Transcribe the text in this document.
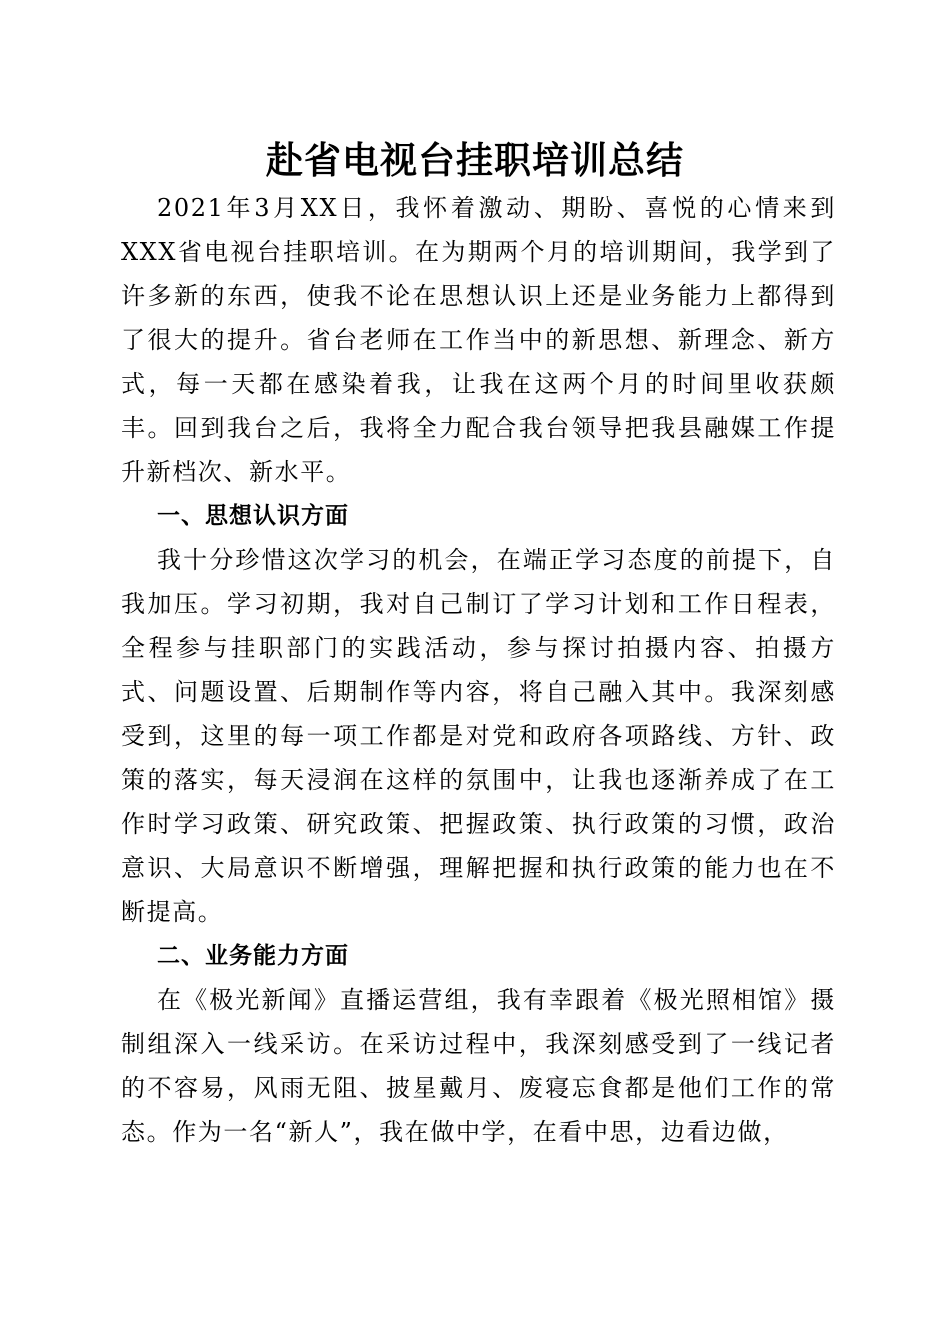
赴省电视台挂职培训总结

2021年3月XX日，我怀着激动、期盼、喜悦的心情来到XXX省电视台挂职培训。在为期两个月的培训期间，我学到了许多新的东西，使我不论在思想认识上还是业务能力上都得到了很大的提升。省台老师在工作当中的新思想、新理念、新方式，每一天都在感染着我，让我在这两个月的时间里收获颇丰。回到我台之后，我将全力配合我台领导把我县融媒工作提升新档次、新水平。

一、思想认识方面

我十分珍惜这次学习的机会，在端正学习态度的前提下，自我加压。学习初期，我对自己制订了学习计划和工作日程表，全程参与挂职部门的实践活动，参与探讨拍摄内容、拍摄方式、问题设置、后期制作等内容，将自己融入其中。我深刻感受到，这里的每一项工作都是对党和政府各项路线、方针、政策的落实，每天浸润在这样的氛围中，让我也逐渐养成了在工作时学习政策、研究政策、把握政策、执行政策的习惯，政治意识、大局意识不断增强，理解把握和执行政策的能力也在不断提高。

二、业务能力方面

在《极光新闻》直播运营组，我有幸跟着《极光照相馆》摄制组深入一线采访。在采访过程中，我深刻感受到了一线记者的不容易，风雨无阻、披星戴月、废寝忘食都是他们工作的常态。作为一名“新人”，我在做中学，在看中思，边看边做，
